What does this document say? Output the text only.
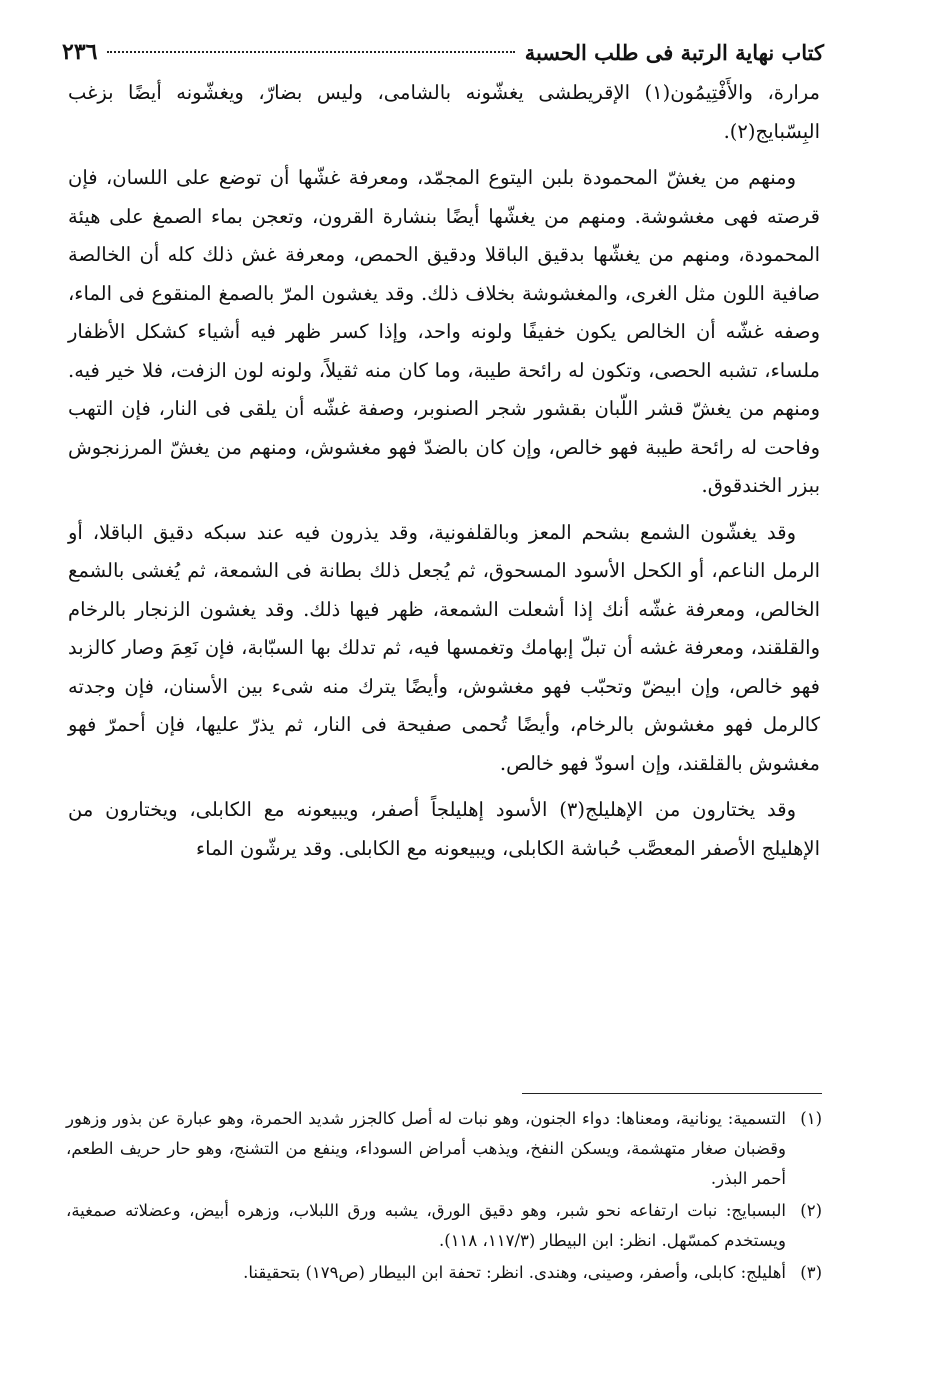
كتاب نهاية الرتبة فى طلب الحسبة
٢٣٦

مرارة، والأَفْتِيمُون(١) الإقريطشى يغشّونه بالشامى، وليس بضارّ، ويغشّونه أيضًا بزغب البِسّبايج(٢).

ومنهم من يغشّ المحمودة بلبن اليتوع المجمّد، ومعرفة غشّها أن توضع على اللسان، فإن قرصته فهى مغشوشة. ومنهم من يغشّها أيضًا بنشارة القرون، وتعجن بماء الصمغ على هيئة المحمودة، ومنهم من يغشّها بدقيق الباقلا ودقيق الحمص، ومعرفة غش ذلك كله أن الخالصة صافية اللون مثل الغرى، والمغشوشة بخلاف ذلك. وقد يغشون المرّ بالصمغ المنقوع فى الماء، وصفه غشّه أن الخالص يكون خفيفًا ولونه واحد، وإذا كسر ظهر فيه أشياء كشكل الأظفار ملساء، تشبه الحصى، وتكون له رائحة طيبة، وما كان منه ثقيلاً، ولونه لون الزفت، فلا خير فيه. ومنهم من يغشّ قشر اللّبان بقشور شجر الصنوبر، وصفة غشّه أن يلقى فى النار، فإن التهب وفاحت له رائحة طيبة فهو خالص، وإن كان بالضدّ فهو مغشوش، ومنهم من يغشّ المرزنجوش ببزر الخندقوق.

وقد يغشّون الشمع بشحم المعز وبالقلفونية، وقد يذرون فيه عند سبكه دقيق الباقلا، أو الرمل الناعم، أو الكحل الأسود المسحوق، ثم يُجعل ذلك بطانة فى الشمعة، ثم يُغشى بالشمع الخالص، ومعرفة غشّه أنك إذا أشعلت الشمعة، ظهر فيها ذلك. وقد يغشون الزنجار بالرخام والقلقند، ومعرفة غشه أن تبلّ إبهامك وتغمسها فيه، ثم تدلك بها السبّابة، فإن نَعِمَ وصار كالزبد فهو خالص، وإن ابيضّ وتحبّب فهو مغشوش، وأيضًا يترك منه شىء بين الأسنان، فإن وجدته كالرمل فهو مغشوش بالرخام، وأيضًا تُحمى صفيحة فى النار، ثم يذرّ عليها، فإن أحمرّ فهو مغشوش بالقلقند، وإن اسودّ فهو خالص.

وقد يختارون من الإهليلج(٣) الأسود إهليلجاً أصفر، ويبيعونه مع الكابلى، ويختارون من الإهليلج الأصفر المعصَّب حُباشة الكابلى، ويبيعونه مع الكابلى. وقد يرشّون الماء

(١)
التسمية: يونانية، ومعناها: دواء الجنون، وهو نبات له أصل كالجزر شديد الحمرة، وهو عبارة عن بذور وزهور وقضبان صغار متهشمة، ويسكن النفخ، ويذهب أمراض السوداء، وينفع من التشنج، وهو حار حريف الطعم، أحمر البذر.

(٢)
البسبايج: نبات ارتفاعه نحو شبر، وهو دقيق الورق، يشبه ورق اللبلاب، وزهره أبيض، وعضلاته صمغية، ويستخدم كمسّهل. انظر: ابن البيطار (١١٧/٣، ١١٨).

(٣)
أهليلج: كابلى، وأصفر، وصينى، وهندى. انظر: تحفة ابن البيطار (ص١٧٩) بتحقيقنا.
